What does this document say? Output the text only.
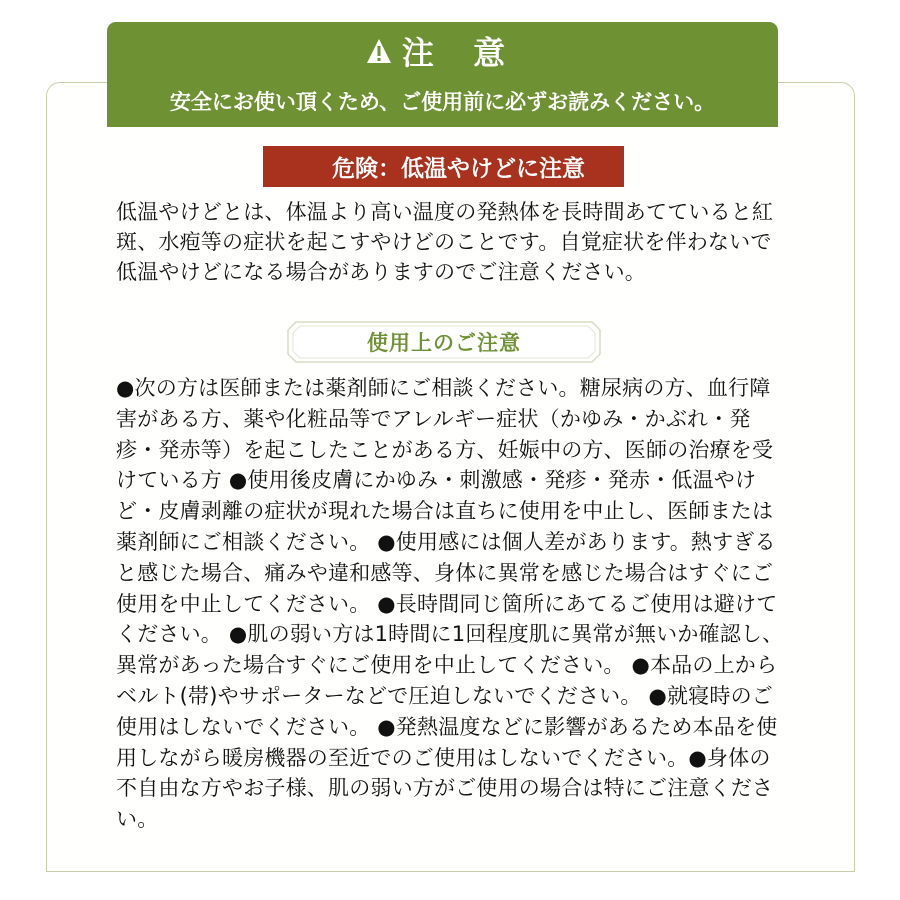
注 意
安全にお使い頂くため、ご使用前に必ずお読みください。
危険：低温やけどに注意
低温やけどとは、体温より高い温度の発熱体を長時間あてていると紅斑、水疱等の症状を起こすやけどのことです。自覚症状を伴わないで低温やけどになる場合がありますのでご注意ください。
使用上のご注意
●次の方は医師または薬剤師にご相談ください。糖尿病の方、血行障害がある方、薬や化粧品等でアレルギー症状（かゆみ・かぶれ・発疹・発赤等）を起こしたことがある方、妊娠中の方、医師の治療を受けている方 ●使用後皮膚にかゆみ・刺激感・発疹・発赤・低温やけど・皮膚剥離の症状が現れた場合は直ちに使用を中止し、医師または薬剤師にご相談ください。 ●使用感には個人差があります。熱すぎると感じた場合、痛みや違和感等、身体に異常を感じた場合はすぐにご使用を中止してください。 ●長時間同じ箇所にあてるご使用は避けてください。 ●肌の弱い方は1時間に1回程度肌に異常が無いか確認し、異常があった場合すぐにご使用を中止してください。 ●本品の上からベルト(帯)やサポーターなどで圧迫しないでください。 ●就寝時のご使用はしないでください。 ●発熱温度などに影響があるため本品を使用しながら暖房機器の至近でのご使用はしないでください。●身体の不自由な方やお子様、肌の弱い方がご使用の場合は特にご注意ください。
